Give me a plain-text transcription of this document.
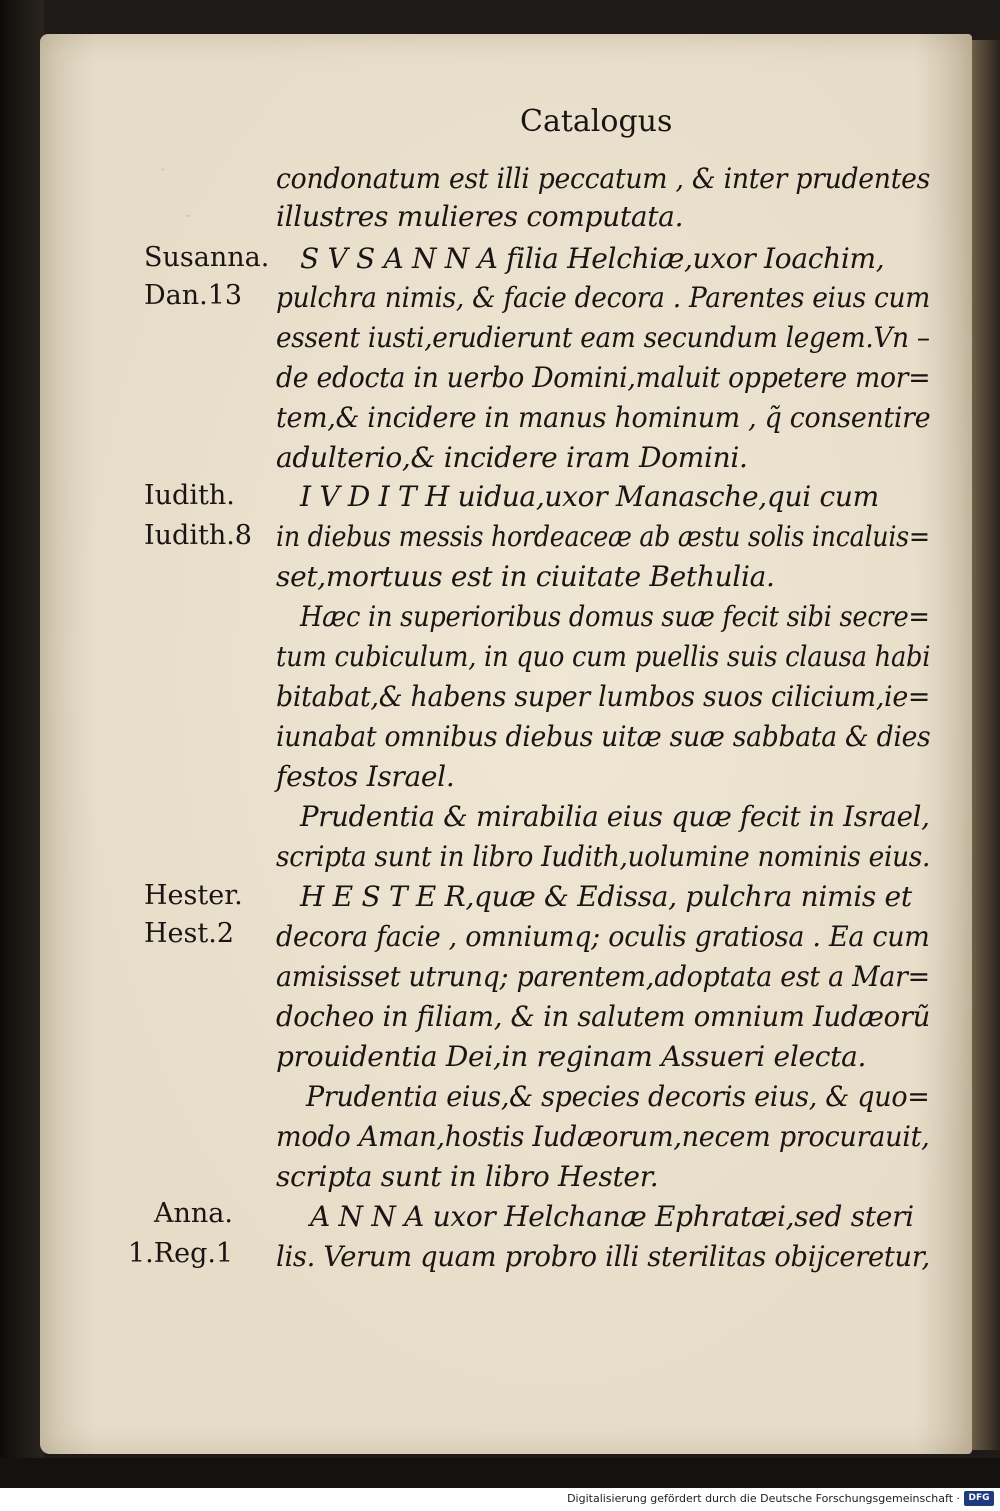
·
-
Catalogus
Susanna.
Dan.13
Iudith.
Iudith.8
Hester.
Hest.2
Anna.
1.Reg.1
condonatum est illi peccatum , & inter prudentes
illustres mulieres computata.
S V S A N N A filia Helchiæ,uxor Ioachim,
pulchra nimis, & facie decora . Parentes eius cum
essent iusti,erudierunt eam secundum legem.Vn –
de edocta in uerbo Domini,maluit oppetere mor=
tem,& incidere in manus hominum , q̃ consentire
adulterio,& incidere iram Domini.
I V D I T H uidua,uxor Manasche,qui cum
in diebus messis hordeaceæ ab æstu solis incaluis=
set,mortuus est in ciuitate Bethulia.
Hæc in superioribus domus suæ fecit sibi secre=
tum cubiculum, in quo cum puellis suis clausa habi
bitabat,& habens super lumbos suos cilicium,ie=
iunabat omnibus diebus uitæ suæ sabbata & dies
festos Israel.
Prudentia & mirabilia eius quæ fecit in Israel,
scripta sunt in libro Iudith,uolumine nominis eius.
H E S T E R,quæ & Edissa, pulchra nimis et
decora facie , omniumq; oculis gratiosa . Ea cum
amisisset utrunq; parentem,adoptata est a Mar=
docheo in filiam, & in salutem omnium Iudæorũ
prouidentia Dei,in reginam Assueri electa.
Prudentia eius,& species decoris eius, & quo=
modo Aman,hostis Iudæorum,necem procurauit,
scripta sunt in libro Hester.
A N N A uxor Helchanæ Ephratæi,sed steri
lis. Verum quam probro illi sterilitas obijceretur,
Digitalisierung gefördert durch die Deutsche Forschungsgemeinschaft · DFG
